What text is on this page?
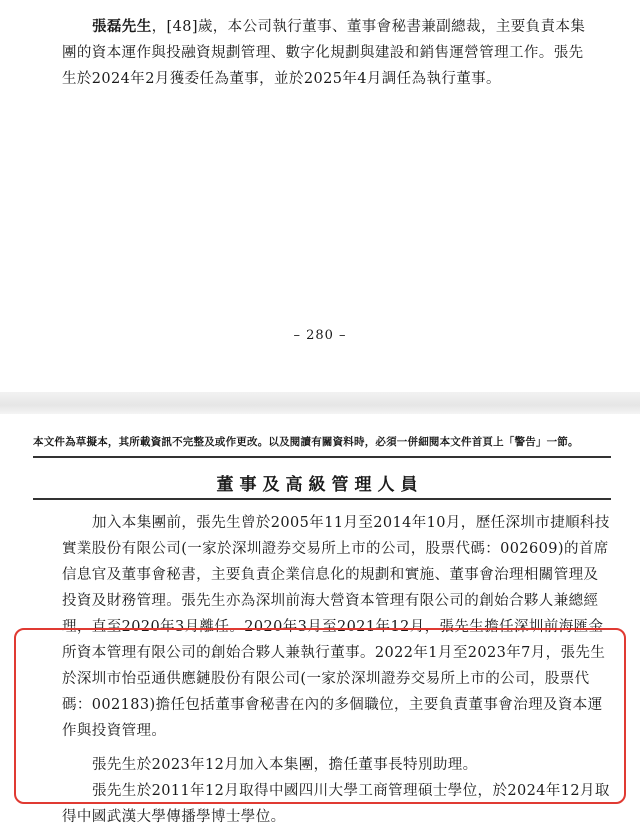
張磊先生，[48]歲，本公司執行董事、董事會秘書兼副總裁，主要負責本集團的資本運作與投融資規劃管理、數字化規劃與建設和銷售運營管理工作。張先生於2024年2月獲委任為董事，並於2025年4月調任為執行董事。
– 280 –
本文件為草擬本，其所載資訊不完整及或作更改。以及閱讀有關資料時，必須一併細閱本文件首頁上「警告」一節。
董事及高級管理人員
加入本集團前，張先生曾於2005年11月至2014年10月，歷任深圳市捷順科技實業股份有限公司(一家於深圳證券交易所上市的公司，股票代碼：002609)的首席信息官及董事會秘書，主要負責企業信息化的規劃和實施、董事會治理相關管理及投資及財務管理。張先生亦為深圳前海大營資本管理有限公司的創始合夥人兼總經理，直至2020年3月離任。2020年3月至2021年12月，張先生擔任深圳前海匯金所資本管理有限公司的創始合夥人兼執行董事。2022年1月至2023年7月，張先生於深圳市怡亞通供應鏈股份有限公司(一家於深圳證券交易所上市的公司，股票代碼：002183)擔任包括董事會秘書在內的多個職位，主要負責董事會治理及資本運作與投資管理。
張先生於2023年12月加入本集團，擔任董事長特別助理。
張先生於2011年12月取得中國四川大學工商管理碩士學位，於2024年12月取得中國武漢大學傳播學博士學位。
